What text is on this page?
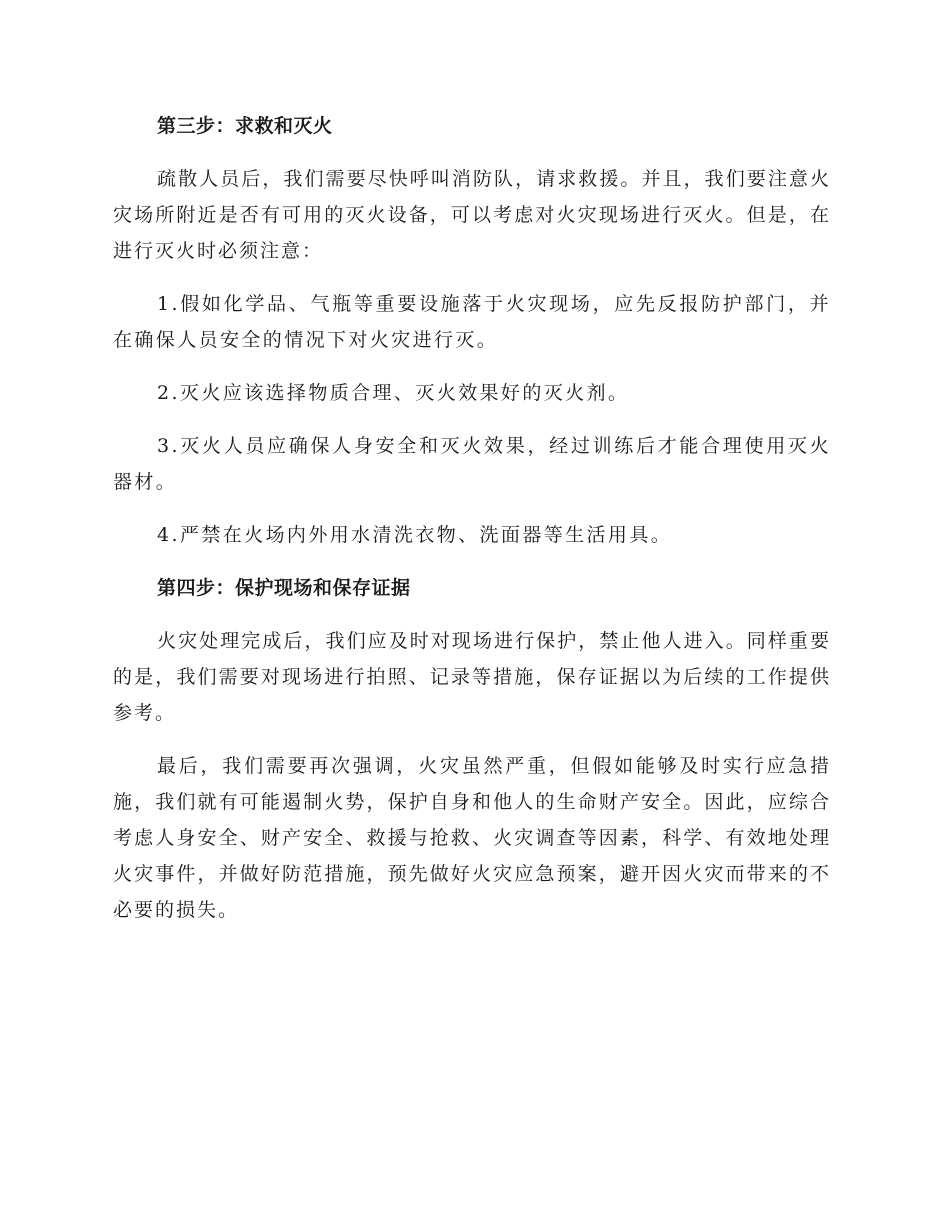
第三步：求救和灭火

疏散人员后，我们需要尽快呼叫消防队，请求救援。并且，我们要注意火灾场所附近是否有可用的灭火设备，可以考虑对火灾现场进行灭火。但是，在进行灭火时必须注意：

1.假如化学品、气瓶等重要设施落于火灾现场，应先反报防护部门，并在确保人员安全的情况下对火灾进行灭。

2.灭火应该选择物质合理、灭火效果好的灭火剂。

3.灭火人员应确保人身安全和灭火效果，经过训练后才能合理使用灭火器材。

4.严禁在火场内外用水清洗衣物、洗面器等生活用具。

第四步：保护现场和保存证据

火灾处理完成后，我们应及时对现场进行保护，禁止他人进入。同样重要的是，我们需要对现场进行拍照、记录等措施，保存证据以为后续的工作提供参考。

最后，我们需要再次强调，火灾虽然严重，但假如能够及时实行应急措施，我们就有可能遏制火势，保护自身和他人的生命财产安全。因此，应综合考虑人身安全、财产安全、救援与抢救、火灾调查等因素，科学、有效地处理火灾事件，并做好防范措施，预先做好火灾应急预案，避开因火灾而带来的不必要的损失。
